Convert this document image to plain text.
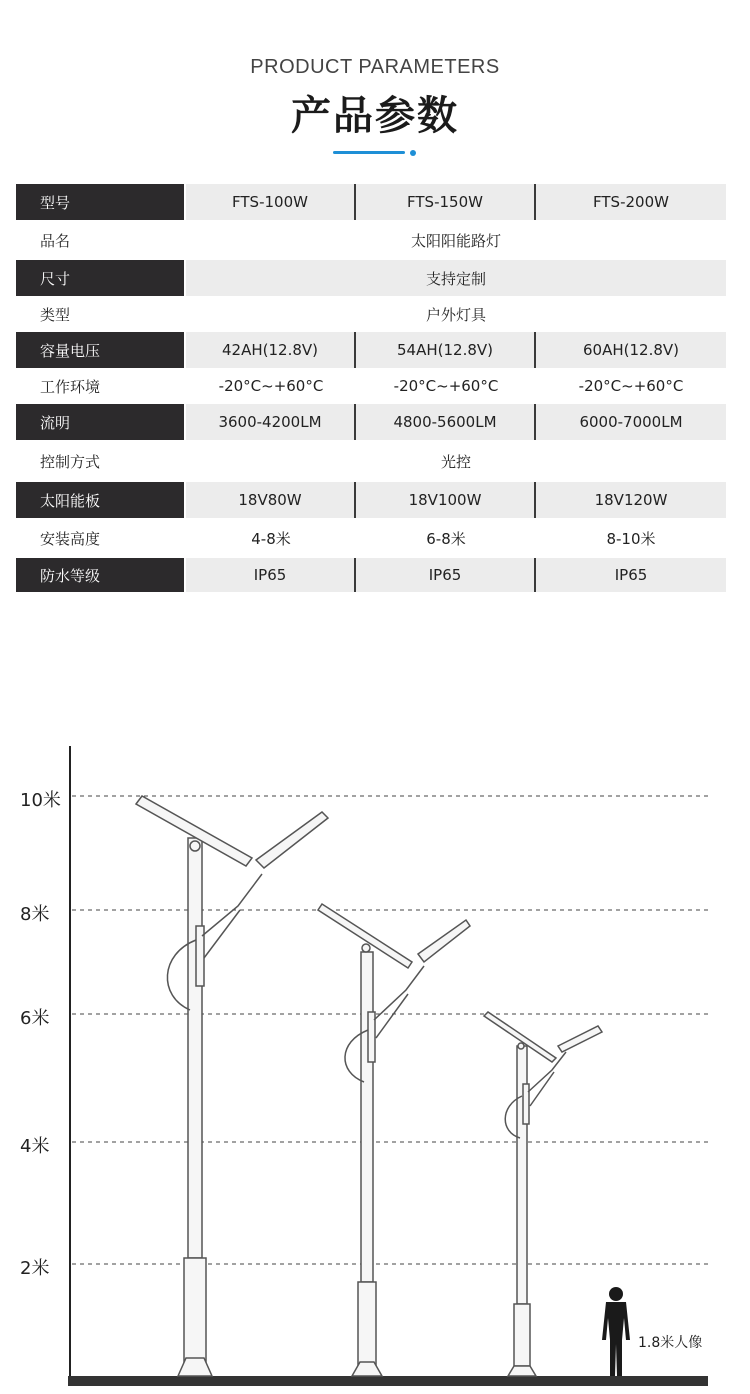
PRODUCT PARAMETERS
产品参数
型号	FTS-100W	FTS-150W	FTS-200W
品名	太阳阳能路灯
尺寸	支持定制
类型	户外灯具
容量电压	42AH(12.8V)	54AH(12.8V)	60AH(12.8V)
工作环境	-20°C~+60°C	-20°C~+60°C	-20°C~+60°C
流明	3600-4200LM	4800-5600LM	6000-7000LM
控制方式	光控
太阳能板	18V80W	18V100W	18V120W
安装高度	4-8米	6-8米	8-10米
防水等级	IP65	IP65	IP65
10米
8米
6米
4米
2米
1.8米人像
